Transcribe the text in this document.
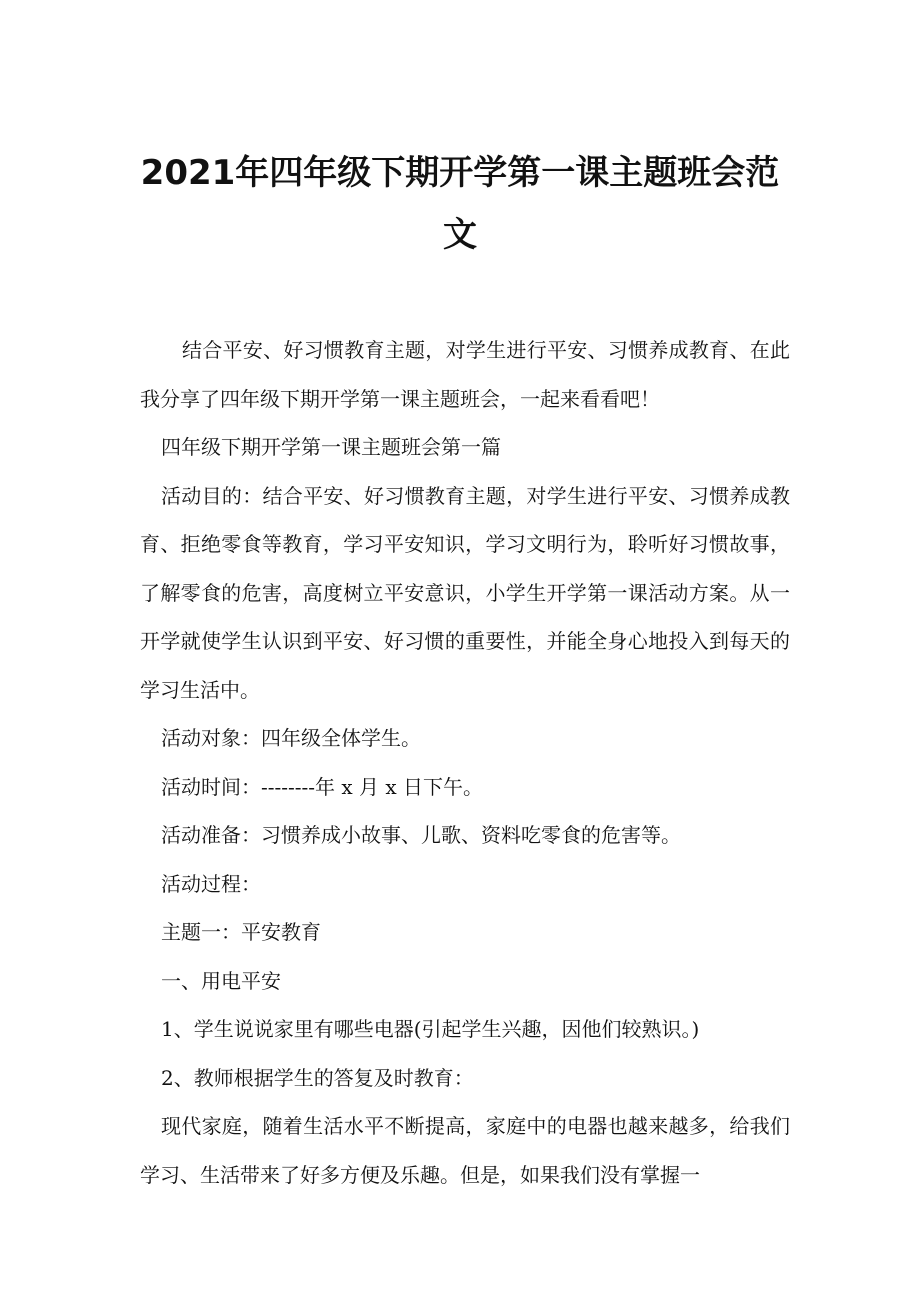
2021年四年级下期开学第一课主题班会范
文

结合平安、好习惯教育主题，对学生进行平安、习惯养成教育、在此我分享了四年级下期开学第一课主题班会，一起来看看吧！

四年级下期开学第一课主题班会第一篇

活动目的：结合平安、好习惯教育主题，对学生进行平安、习惯养成教育、拒绝零食等教育，学习平安知识，学习文明行为，聆听好习惯故事，了解零食的危害，高度树立平安意识，小学生开学第一课活动方案。从一开学就使学生认识到平安、好习惯的重要性，并能全身心地投入到每天的学习生活中。

活动对象：四年级全体学生。

活动时间：--------年 x 月 x 日下午。

活动准备：习惯养成小故事、儿歌、资料吃零食的危害等。

活动过程：

主题一：平安教育

一、用电平安

1、学生说说家里有哪些电器(引起学生兴趣，因他们较熟识。)

2、教师根据学生的答复及时教育：

现代家庭，随着生活水平不断提高，家庭中的电器也越来越多，给我们学习、生活带来了好多方便及乐趣。但是，如果我们没有掌握一
